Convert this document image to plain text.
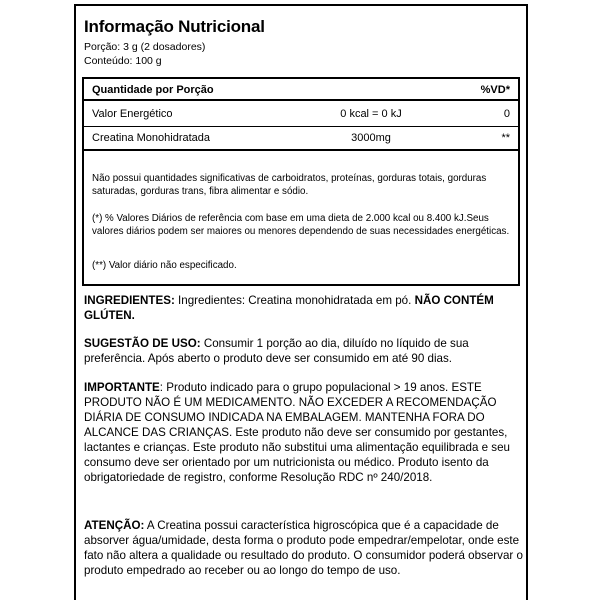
Informação Nutricional
Porção: 3 g (2 dosadores)
Conteúdo: 100 g
Quantidade por Porção	%VD*
Valor Energético	0 kcal = 0 kJ	0
Creatina Monohidratada	3000mg	**
Não possui quantidades significativas de carboidratos, proteínas, gorduras totais, gorduras saturadas, gorduras trans, fibra alimentar e sódio.
(*) % Valores Diários de referência com base em uma dieta de 2.000 kcal ou 8.400 kJ.Seus valores diários podem ser maiores ou menores dependendo de suas necessidades energéticas.
(**) Valor diário não especificado.
INGREDIENTES: Ingredientes: Creatina monohidratada em pó. NÃO CONTÉM GLÚTEN.
SUGESTÃO DE USO: Consumir 1 porção ao dia, diluído no líquido de sua preferência. Após aberto o produto deve ser consumido em até 90 dias.
IMPORTANTE: Produto indicado para o grupo populacional > 19 anos. ESTE PRODUTO NÃO É UM MEDICAMENTO. NÃO EXCEDER A RECOMENDAÇÃO DIÁRIA DE CONSUMO INDICADA NA EMBALAGEM. MANTENHA FORA DO ALCANCE DAS CRIANÇAS. Este produto não deve ser consumido por gestantes, lactantes e crianças. Este produto não substitui uma alimentação equilibrada e seu consumo deve ser orientado por um nutricionista ou médico. Produto isento da obrigatoriedade de registro, conforme Resolução RDC nº 240/2018.
ATENÇÃO: A Creatina possui característica higroscópica que é a capacidade de absorver água/umidade, desta forma o produto pode empedrar/empelotar, onde este fato não altera a qualidade ou resultado do produto. O consumidor poderá observar o produto empedrado ao receber ou ao longo do tempo de uso.
